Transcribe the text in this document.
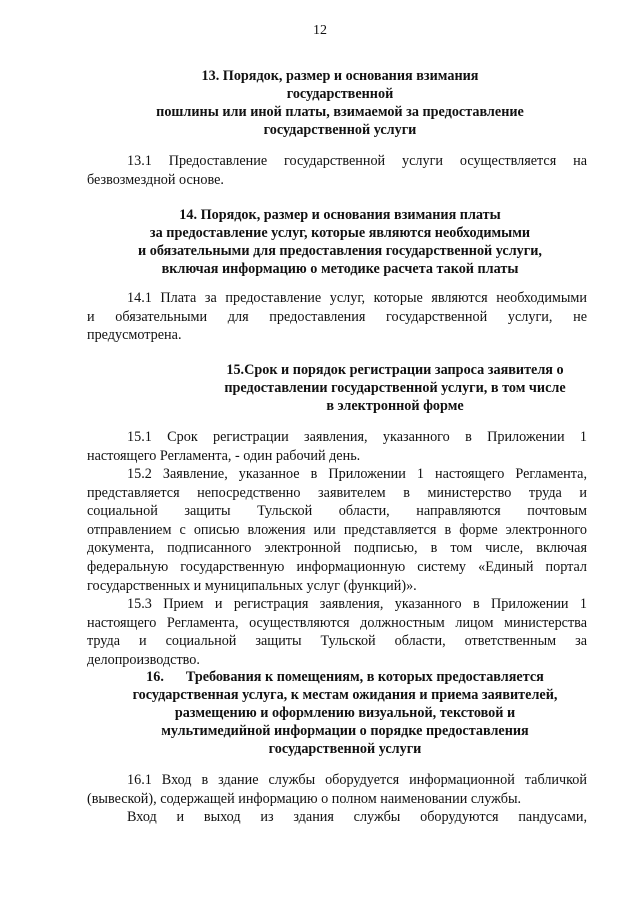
12
13. Порядок, размер и основания взимания
государственной
пошлины или иной платы, взимаемой за предоставление
государственной услуги
13.1 Предоставление государственной услуги осуществляется на
безвозмездной основе.
14. Порядок, размер и основания взимания платы
за предоставление услуг, которые являются необходимыми
и обязательными для предоставления государственной услуги,
включая информацию о методике расчета такой платы
14.1 Плата за предоставление услуг, которые являются необходимыми
и обязательными для предоставления государственной услуги, не
предусмотрена.
15.Срок и порядок регистрации запроса заявителя о
предоставлении государственной услуги, в том числе
в электронной форме
15.1 Срок регистрации заявления, указанного в Приложении 1
настоящего Регламента, - один рабочий день.
15.2 Заявление, указанное в Приложении 1 настоящего Регламента,
представляется непосредственно заявителем в министерство труда и
социальной защиты Тульской области, направляются почтовым
отправлением с описью вложения или представляется в форме электронного
документа, подписанного электронной подписью, в том числе, включая
федеральную государственную информационную систему «Единый портал
государственных и муниципальных услуг (функций)».
15.3 Прием и регистрация заявления, указанного в Приложении 1
настоящего Регламента, осуществляются должностным лицом министерства
труда и социальной защиты Тульской области, ответственным за
делопроизводство.
16. Требования к помещениям, в которых предоставляется
государственная услуга, к местам ожидания и приема заявителей,
размещению и оформлению визуальной, текстовой и
мультимедийной информации о порядке предоставления
государственной услуги
16.1 Вход в здание службы оборудуется информационной табличкой
(вывеской), содержащей информацию о полном наименовании службы.
Вход и выход из здания службы оборудуются пандусами,
